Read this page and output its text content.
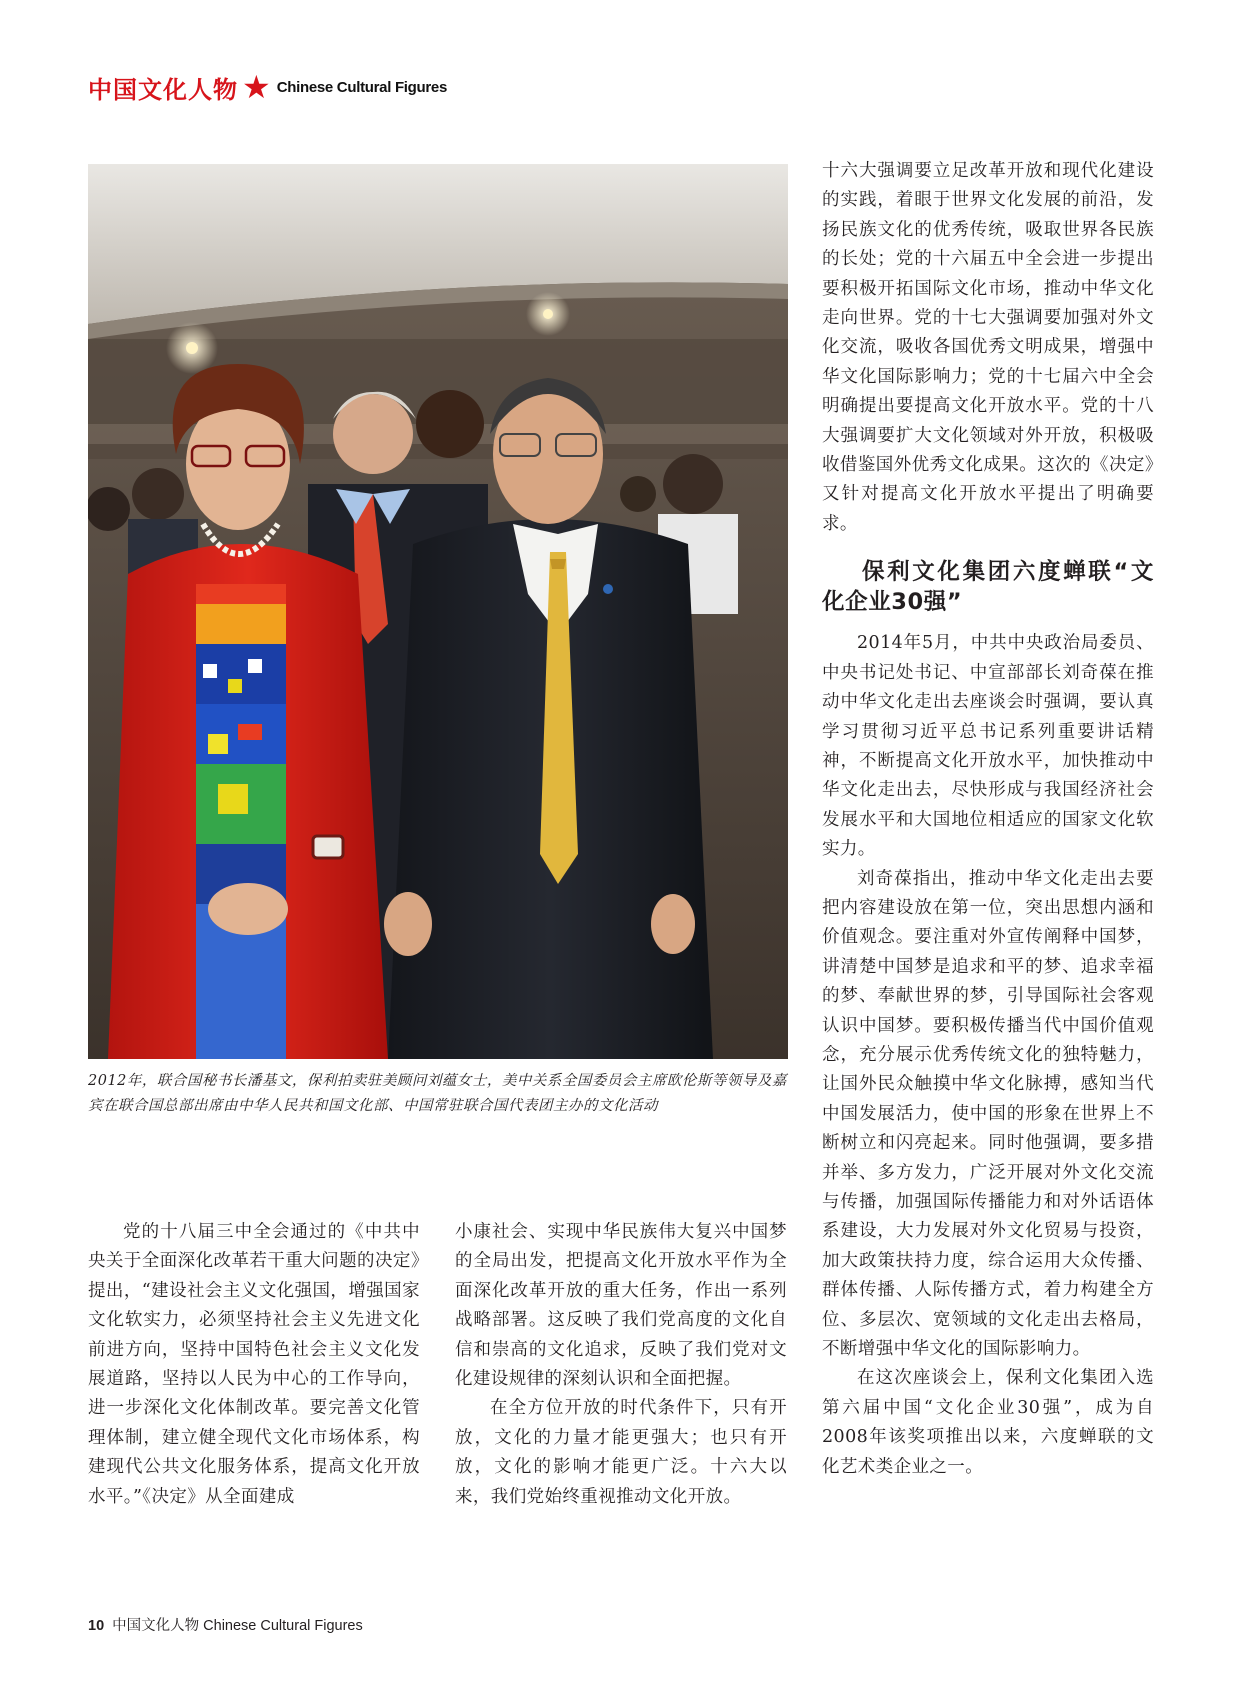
中国文化人物 ★ Chinese Cultural Figures
2012年，联合国秘书长潘基文，保利拍卖驻美顾问刘蕴女士，美中关系全国委员会主席欧伦斯等领导及嘉宾在联合国总部出席由中华人民共和国文化部、中国常驻联合国代表团主办的文化活动

党的十八届三中全会通过的《中共中央关于全面深化改革若干重大问题的决定》提出，“建设社会主义文化强国，增强国家文化软实力，必须坚持社会主义先进文化前进方向，坚持中国特色社会主义文化发展道路，坚持以人民为中心的工作导向，进一步深化文化体制改革。要完善文化管理体制，建立健全现代文化市场体系，构建现代公共文化服务体系，提高文化开放水平。”《决定》从全面建成

小康社会、实现中华民族伟大复兴中国梦的全局出发，把提高文化开放水平作为全面深化改革开放的重大任务，作出一系列战略部署。这反映了我们党高度的文化自信和崇高的文化追求，反映了我们党对文化建设规律的深刻认识和全面把握。

在全方位开放的时代条件下，只有开放，文化的力量才能更强大；也只有开放，文化的影响才能更广泛。十六大以来，我们党始终重视推动文化开放。

十六大强调要立足改革开放和现代化建设的实践，着眼于世界文化发展的前沿，发扬民族文化的优秀传统，吸取世界各民族的长处；党的十六届五中全会进一步提出要积极开拓国际文化市场，推动中华文化走向世界。党的十七大强调要加强对外文化交流，吸收各国优秀文明成果，增强中华文化国际影响力；党的十七届六中全会明确提出要提高文化开放水平。党的十八大强调要扩大文化领域对外开放，积极吸收借鉴国外优秀文化成果。这次的《决定》又针对提高文化开放水平提出了明确要求。

保利文化集团六度蝉联“文化企业30强”

2014年5月，中共中央政治局委员、中央书记处书记、中宣部部长刘奇葆在推动中华文化走出去座谈会时强调，要认真学习贯彻习近平总书记系列重要讲话精神，不断提高文化开放水平，加快推动中华文化走出去，尽快形成与我国经济社会发展水平和大国地位相适应的国家文化软实力。

刘奇葆指出，推动中华文化走出去要把内容建设放在第一位，突出思想内涵和价值观念。要注重对外宣传阐释中国梦，讲清楚中国梦是追求和平的梦、追求幸福的梦、奉献世界的梦，引导国际社会客观认识中国梦。要积极传播当代中国价值观念，充分展示优秀传统文化的独特魅力，让国外民众触摸中华文化脉搏，感知当代中国发展活力，使中国的形象在世界上不断树立和闪亮起来。同时他强调，要多措并举、多方发力，广泛开展对外文化交流与传播，加强国际传播能力和对外话语体系建设，大力发展对外文化贸易与投资，加大政策扶持力度，综合运用大众传播、群体传播、人际传播方式，着力构建全方位、多层次、宽领域的文化走出去格局，不断增强中华文化的国际影响力。

在这次座谈会上，保利文化集团入选第六届中国“文化企业30强”，成为自2008年该奖项推出以来，六度蝉联的文化艺术类企业之一。

10 中国文化人物 Chinese Cultural Figures
